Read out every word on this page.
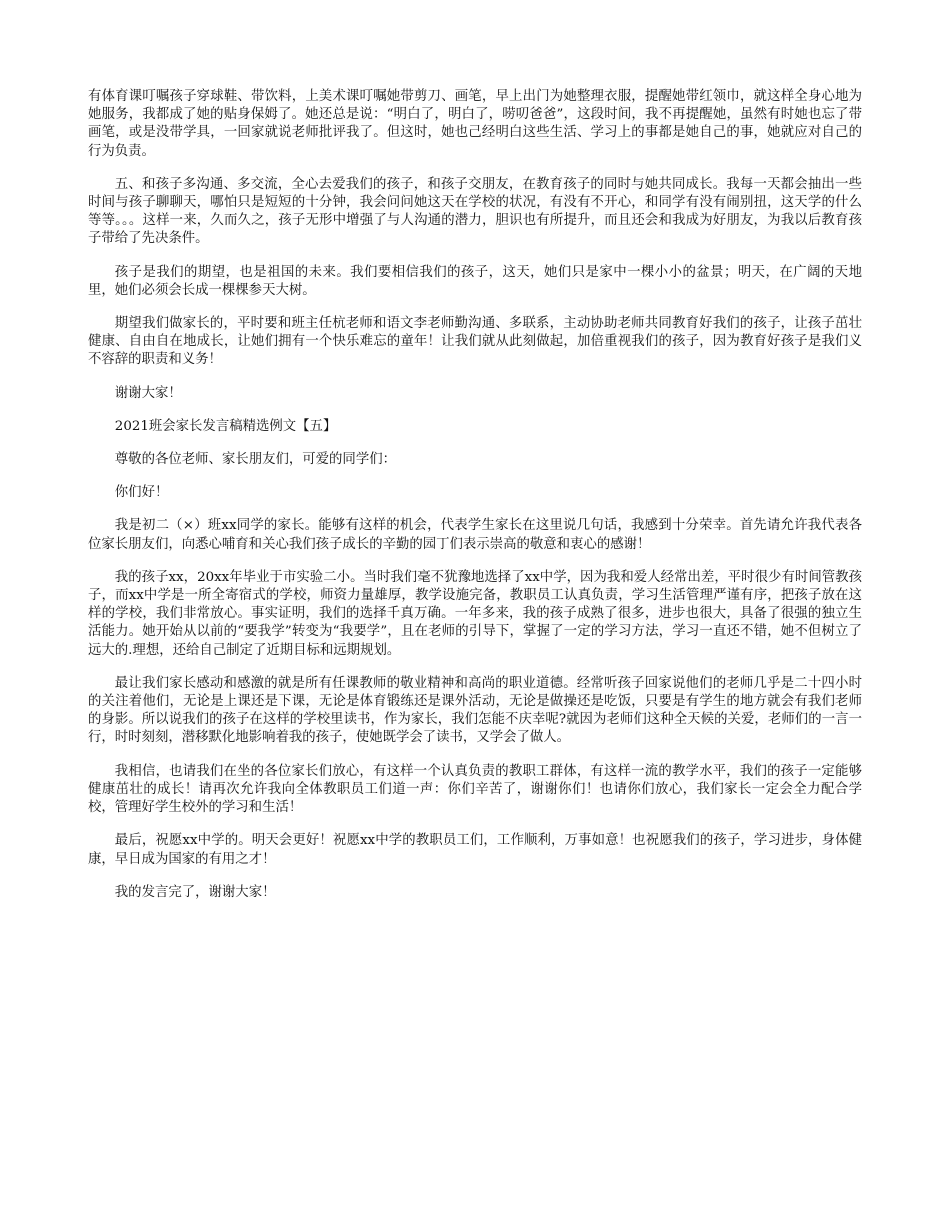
有体育课叮嘱孩子穿球鞋、带饮料，上美术课叮嘱她带剪刀、画笔，早上出门为她整理衣服，提醒她带红领巾，就这样全身心地为她服务，我都成了她的贴身保姆了。她还总是说：“明白了，明白了，唠叨爸爸”，这段时间，我不再提醒她，虽然有时她也忘了带画笔，或是没带学具，一回家就说老师批评我了。但这时，她也己经明白这些生活、学习上的事都是她自己的事，她就应对自己的行为负责。

五、和孩子多沟通、多交流，全心去爱我们的孩子，和孩子交朋友，在教育孩子的同时与她共同成长。我每一天都会抽出一些时间与孩子聊聊天，哪怕只是短短的十分钟，我会问问她这天在学校的状况，有没有不开心，和同学有没有闹别扭，这天学的什么等等。。。这样一来，久而久之，孩子无形中增强了与人沟通的潜力，胆识也有所提升，而且还会和我成为好朋友，为我以后教育孩子带给了先决条件。

孩子是我们的期望，也是祖国的未来。我们要相信我们的孩子，这天，她们只是家中一棵小小的盆景；明天，在广阔的天地里，她们必须会长成一棵棵参天大树。

期望我们做家长的，平时要和班主任杭老师和语文李老师勤沟通、多联系，主动协助老师共同教育好我们的孩子，让孩子茁壮健康、自由自在地成长，让她们拥有一个快乐难忘的童年！让我们就从此刻做起，加倍重视我们的孩子，因为教育好孩子是我们义不容辞的职责和义务！

谢谢大家！

2021班会家长发言稿精选例文【五】

尊敬的各位老师、家长朋友们，可爱的同学们：

你们好！

我是初二（×）班xx同学的家长。能够有这样的机会，代表学生家长在这里说几句话，我感到十分荣幸。首先请允许我代表各位家长朋友们，向悉心哺育和关心我们孩子成长的辛勤的园丁们表示崇高的敬意和衷心的感谢！

我的孩子xx，20xx年毕业于市实验二小。当时我们毫不犹豫地选择了xx中学，因为我和爱人经常出差，平时很少有时间管教孩子，而xx中学是一所全寄宿式的学校，师资力量雄厚，教学设施完备，教职员工认真负责，学习生活管理严谨有序，把孩子放在这样的学校，我们非常放心。事实证明，我们的选择千真万确。一年多来，我的孩子成熟了很多，进步也很大，具备了很强的独立生活能力。她开始从以前的“要我学”转变为“我要学”，且在老师的引导下，掌握了一定的学习方法，学习一直还不错，她不但树立了远大的.理想，还给自己制定了近期目标和远期规划。

最让我们家长感动和感激的就是所有任课教师的敬业精神和高尚的职业道德。经常听孩子回家说他们的老师几乎是二十四小时的关注着他们，无论是上课还是下课，无论是体育锻练还是课外活动，无论是做操还是吃饭，只要是有学生的地方就会有我们老师的身影。所以说我们的孩子在这样的学校里读书，作为家长，我们怎能不庆幸呢?就因为老师们这种全天候的关爱，老师们的一言一行，时时刻刻，潜移默化地影响着我的孩子，使她既学会了读书，又学会了做人。

我相信，也请我们在坐的各位家长们放心，有这样一个认真负责的教职工群体，有这样一流的教学水平，我们的孩子一定能够健康茁壮的成长！请再次允许我向全体教职员工们道一声：你们辛苦了，谢谢你们！也请你们放心，我们家长一定会全力配合学校，管理好学生校外的学习和生活！

最后，祝愿xx中学的。明天会更好！祝愿xx中学的教职员工们，工作顺利，万事如意！也祝愿我们的孩子，学习进步，身体健康，早日成为国家的有用之才！

我的发言完了，谢谢大家！
